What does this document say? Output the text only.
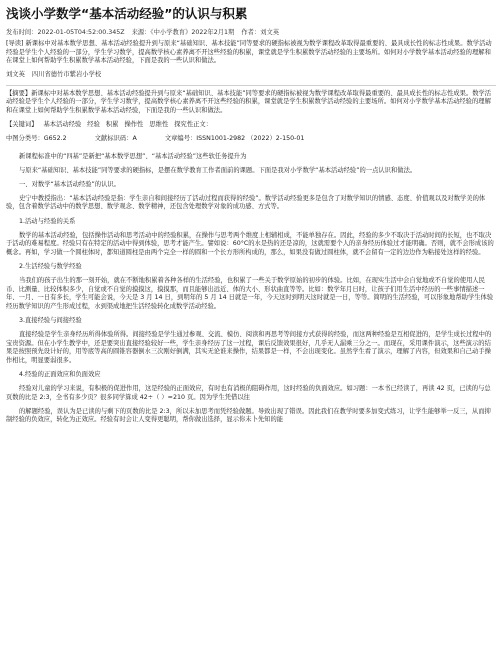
浅谈小学数学“基本活动经验”的认识与积累
发布时间：2022-01-05T04:52:00.345Z 来源：《中小学教育》2022年2月1期 作者：刘文英
[导读] 新课标中对基本数学思想、基本活动经验提升到与原来“基础知识、基本技能”同等要求的硬指标被视为数学课程改革取得最重要的、最具成长性的标志性成果。数学活动经验是学生个人经验的一部分，学生学习数学，提高数学核心素养离不开这些经验的积累，课堂就是学生积累数学活动经验的主要场所。如何对小学数学基本活动经验的理解和在课堂上如何帮助学生积累数学基本活动经验，下面是我的一些认识和做法。
刘文英 四川省德竹市紫岩小学校
【摘要】新课标中对基本数学思想、基本活动经验提升到与原来“基础知识、基本技能”同等要求的硬指标被视为数学课程改革取得最重要的、最具成长性的标志性成果。数学活动经验是学生个人经验的一部分，学生学习数学，提高数学核心素养离不开这些经验的积累，课堂就是学生积累数学活动经验的主要场所。如何对小学数学基本活动经验的理解和在课堂上如何帮助学生积累数学基本活动经验，下面是我的一些认识和做法。
【关键词】 基本活动经验 经验 积累 操作性 思维性 探究性正文：
中图分类号：G652.2	文献标识码：A	文章编号：ISSN1001-2982 （2022）2-150-01
新课程标准中的“四基”是新把“基本数学思想”、“基本活动经验”这些软任务提升为
与原来“基础知识、基本技能”同等要求的硬指标，是摆在数学教育工作者面前的课题。下面是我对小学数学“基本活动经验”的一点认识和做法。
一、对数学“基本活动经验”的认识。
史宁中教授指出：“基本活动经验是指：学生亲自和间接经历了活动过程而获得的经验”。数学活动经验更多是包含了对数学知识的情感、态度、价值观以及对数学美的体验，包含着数学活动中的数学思想、数学观念、数学精神，还包含处理数学对象的成功感、方式等。
1.活动与经验的关系
数学的基本活动经验，包括操作活动和思考活动中的经验积累，在操作与思考两个维度上相辅相成，不能单独存在。因此，经验的多少不取决于活动时间的长短，也不取决于活动的难易程度。经验只有在特定的活动中得到体验，思考才能产生。譬如说：60°C的水是热的还是凉的，这就需要个人的亲身经历体验过才能明确。否则，就不会形成该的概念。再如，学习做一个圆柱体时，都知道圆柱是由两个完全一样的圆和一个长方形所构成的，那么，如果没有做过圆柱体，就不会留有一定的边边作为粘接处这样的经验。
2.生活经验与数学经验
当我们的孩子出生的那一刻开始，就在不断地积累着各种各样的生活经验，也积累了一些关于数学原始的初步的体验。比如，在现实生活中会自觉地或不自觉的使用人民币、比测量、比较体积多少，自觉或不自觉的摸摸这，摸摸那，而且能够出远近、体的大小、形状曲直等等。比如：数学年月日时，让孩子们用生活中经历的一些事情描述一年、一月、一日有多长，学生可能会说，今天是 3 月 14 日，到明年的 5 月 14 日就是一年，今天这时到明天这时就是一日，等等。简明的生活经验，可以形象地帮助学生体验经历数学知识的产生形成过程，水到渠成地把生活经验转化成数学活动经验。
3.直接经验与间接经验
直接经验是学生亲身经历所得体验所得。间接经验是学生通过参观、交流、模仿、阅读和再思考等间接方式获得的经验，而这两种经验是互相促进的，是学生成长过程中的宝贵资源。但在小学生教学中，还是要突出直接经验较好一些，学生亲身经历了这一过程，课后反馈效果很好，几乎无人漏乘三分之一。而现在，采用课件演示，这些演示的结果是按照预先设计好的，用等底等高的圆锥容器倒水三次刚好倒满，其实无论谁来操作，结果都是一样，不会出现变化。虽然学生看了演示，理解了内容，但效果和自己动手操作相比，明显要弱很多。
4.经验的正面效应和负面效应
经验对儿童的学习来说，有积极的促进作用，这是经验的正面效应，有时也有消极的阻碍作用，这时经验的负面效应。如习题：一本书已经读了，再读 42 页，已读的与总页数的比是 2:3，全书有多少页？很多同学算成 42÷（ ）=210 页。因为学生凭借以往
的解题经验，误认为是已读的与剩下的页数的比是 2:3，所以未加思考而凭经验做题。导致出现了错误。因此我们在教学时要多加变式练习，让学生能够举一反三，从而抑制经验的负效应，转化为正效应。经验有时会让人变得更聪明，帮你做出选择，显示你未卜先知的能
